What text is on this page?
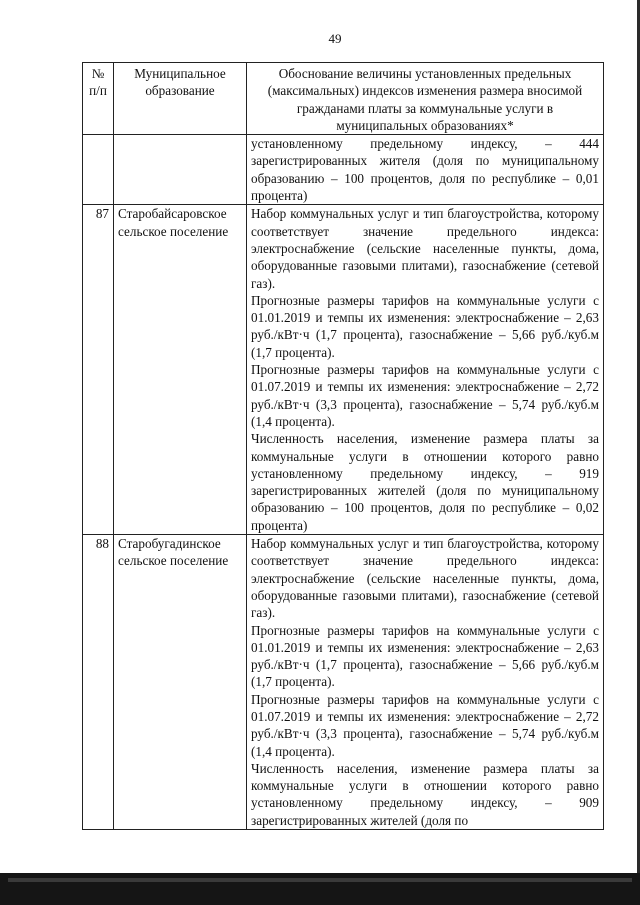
49
№ п/п	Муниципальное образование	Обоснование величины установленных предельных (максимальных) индексов изменения размера вносимой гражданами платы за коммунальные услуги в муниципальных образованиях*

		установленному предельному индексу, – 444 зарегистрированных жителя (доля по муниципальному образованию – 100 процентов, доля по республике – 0,01 процента)

87	Старобайсаровское сельское поселение	Набор коммунальных услуг и тип благоустройства, которому соответствует значение предельного индекса: электроснабжение (сельские населенные пункты, дома, оборудованные газовыми плитами), газоснабжение (сетевой газ).
Прогнозные размеры тарифов на коммунальные услуги с 01.01.2019 и темпы их изменения: электроснабжение – 2,63 руб./кВт·ч (1,7 процента), газоснабжение – 5,66 руб./куб.м (1,7 процента).
Прогнозные размеры тарифов на коммунальные услуги с 01.07.2019 и темпы их изменения: электроснабжение – 2,72 руб./кВт·ч (3,3 процента), газоснабжение – 5,74 руб./куб.м (1,4 процента).
Численность населения, изменение размера платы за коммунальные услуги в отношении которого равно установленному предельному индексу, – 919 зарегистрированных жителей (доля по муниципальному образованию – 100 процентов, доля по республике – 0,02 процента)

88	Старобугадинское сельское поселение	Набор коммунальных услуг и тип благоустройства, которому соответствует значение предельного индекса: электроснабжение (сельские населенные пункты, дома, оборудованные газовыми плитами), газоснабжение (сетевой газ).
Прогнозные размеры тарифов на коммунальные услуги с 01.01.2019 и темпы их изменения: электроснабжение – 2,63 руб./кВт·ч (1,7 процента), газоснабжение – 5,66 руб./куб.м (1,7 процента).
Прогнозные размеры тарифов на коммунальные услуги с 01.07.2019 и темпы их изменения: электроснабжение – 2,72 руб./кВт·ч (3,3 процента), газоснабжение – 5,74 руб./куб.м (1,4 процента).
Численность населения, изменение размера платы за коммунальные услуги в отношении которого равно установленному предельному индексу, – 909 зарегистрированных жителей (доля по
